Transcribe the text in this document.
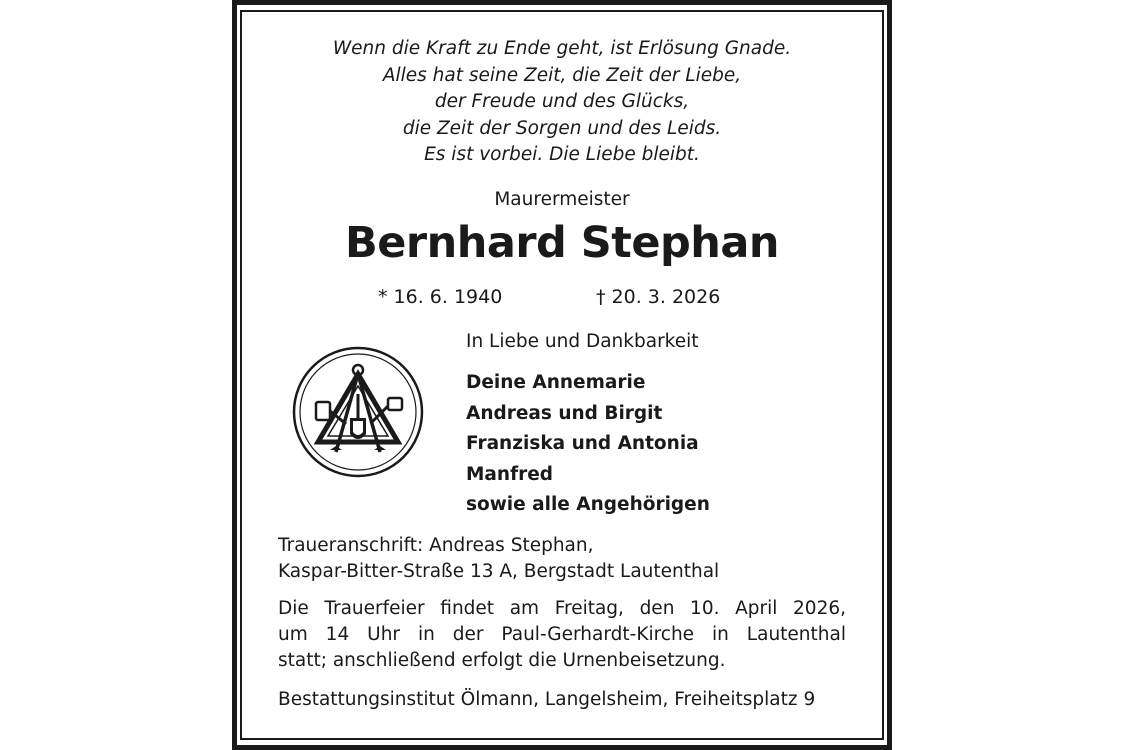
Wenn die Kraft zu Ende geht, ist Erlösung Gnade.
Alles hat seine Zeit, die Zeit der Liebe,
der Freude und des Glücks,
die Zeit der Sorgen und des Leids.
Es ist vorbei. Die Liebe bleibt.
Maurermeister
Bernhard Stephan
* 16. 6. 1940	† 20. 3. 2026
In Liebe und Dankbarkeit
Deine Annemarie
Andreas und Birgit
Franziska und Antonia
Manfred
sowie alle Angehörigen
Traueranschrift: Andreas Stephan,
Kaspar-Bitter-Straße 13 A, Bergstadt Lautenthal
Die Trauerfeier findet am Freitag, den 10. April 2026,
um 14 Uhr in der Paul-Gerhardt-Kirche in Lautenthal
statt; anschließend erfolgt die Urnenbeisetzung.
Bestattungsinstitut Ölmann, Langelsheim, Freiheitsplatz 9
